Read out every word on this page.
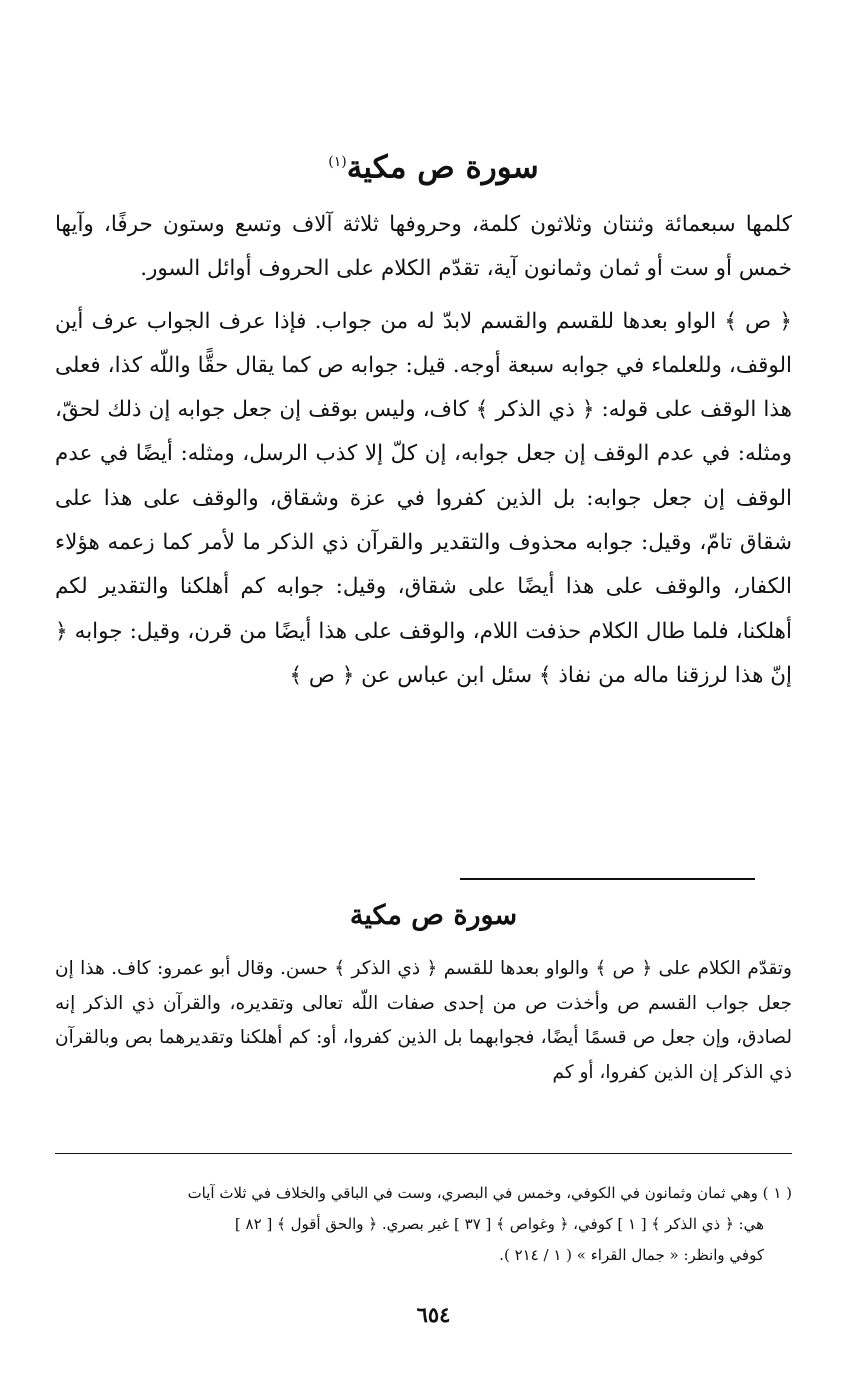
سورة ص مكية$^{(١)}$

كلمها سبعمائة وثنتان وثلاثون كلمة، وحروفها ثلاثة آلاف وتسع وستون حرفًا، وآيها خمس أو ست أو ثمان وثمانون آية، تقدّم الكلام على الحروف أوائل السور.

﴿ ص ﴾ الواو بعدها للقسم والقسم لابدّ له من جواب. فإذا عرف الجواب عرف أين الوقف، وللعلماء في جوابه سبعة أوجه. قيل: جوابه ص كما يقال حقًّا واللّه كذا، فعلى هذا الوقف على قوله: ﴿ ذي الذكر ﴾ كاف، وليس بوقف إن جعل جوابه إن ذلك لحقّ، ومثله: في عدم الوقف إن جعل جوابه، إن كلّ إلا كذب الرسل، ومثله: أيضًا في عدم الوقف إن جعل جوابه: بل الذين كفروا في عزة وشقاق، والوقف على هذا على شقاق تامّ، وقيل: جوابه محذوف والتقدير والقرآن ذي الذكر ما لأمر كما زعمه هؤلاء الكفار، والوقف على هذا أيضًا على شقاق، وقيل: جوابه كم أهلكنا والتقدير لكم أهلكنا، فلما طال الكلام حذفت اللام، والوقف على هذا أيضًا من قرن، وقيل: جوابه ﴿ إنّ هذا لرزقنا ماله من نفاذ ﴾ سئل ابن عباس عن ﴿ ص ﴾

سورة ص مكية

وتقدّم الكلام على ﴿ ص ﴾ والواو بعدها للقسم ﴿ ذي الذكر ﴾ حسن. وقال أبو عمرو: كاف. هذا إن جعل جواب القسم ص وأخذت ص من إحدى صفات اللّه تعالى وتقديره، والقرآن ذي الذكر إنه لصادق، وإن جعل ص قسمًا أيضًا، فجوابهما بل الذين كفروا، أو: كم أهلكنا وتقديرهما بص وبالقرآن ذي الذكر إن الذين كفروا، أو كم

( ١ ) وهي ثمان وثمانون في الكوفي، وخمس في البصري، وست في الباقي والخلاف في ثلاث آيات

هي: ﴿ ذي الذكر ﴾ [ ١ ] كوفي، ﴿ وغواص ﴾ [ ٣٧ ] غير بصري. ﴿ والحق أقول ﴾ [ ٨٢ ]

كوفي وانظر: « جمال القراء » ( ١ / ٢١٤ ).

٦٥٤
